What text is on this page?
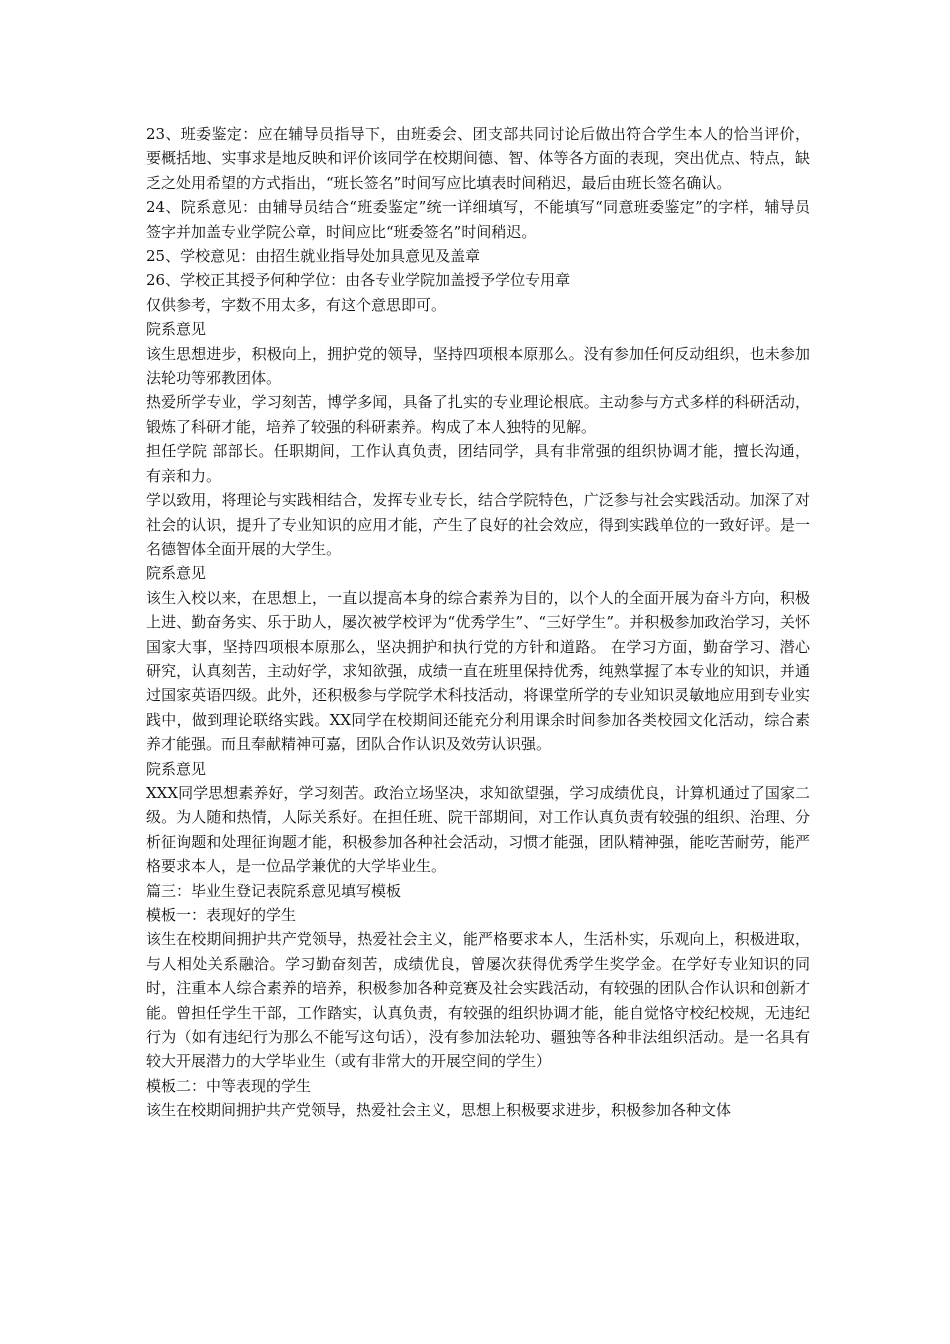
23、班委鉴定：应在辅导员指导下，由班委会、团支部共同讨论后做出符合学生本人的恰当评价，要概括地、实事求是地反映和评价该同学在校期间德、智、体等各方面的表现，突出优点、特点，缺乏之处用希望的方式指出，“班长签名”时间写应比填表时间稍迟，最后由班长签名确认。

24、院系意见：由辅导员结合“班委鉴定”统一详细填写，不能填写“同意班委鉴定”的字样，辅导员签字并加盖专业学院公章，时间应比“班委签名”时间稍迟。

25、学校意见：由招生就业指导处加具意见及盖章

26、学校正其授予何种学位：由各专业学院加盖授予学位专用章

仅供参考，字数不用太多，有这个意思即可。

院系意见

该生思想进步，积极向上，拥护党的领导，坚持四项根本原那么。没有参加任何反动组织，也未参加法轮功等邪教团体。

热爱所学专业，学习刻苦，博学多闻，具备了扎实的专业理论根底。主动参与方式多样的科研活动，锻炼了科研才能，培养了较强的科研素养。构成了本人独特的见解。

担任学院 部部长。任职期间，工作认真负责，团结同学，具有非常强的组织协调才能，擅长沟通，有亲和力。

学以致用，将理论与实践相结合，发挥专业专长，结合学院特色，广泛参与社会实践活动。加深了对社会的认识，提升了专业知识的应用才能，产生了良好的社会效应，得到实践单位的一致好评。是一名德智体全面开展的大学生。

院系意见

该生入校以来，在思想上，一直以提高本身的综合素养为目的，以个人的全面开展为奋斗方向，积极上进、勤奋务实、乐于助人，屡次被学校评为“优秀学生”、“三好学生”。并积极参加政治学习，关怀国家大事，坚持四项根本原那么，坚决拥护和执行党的方针和道路。 在学习方面，勤奋学习、潜心研究，认真刻苦，主动好学，求知欲强，成绩一直在班里保持优秀，纯熟掌握了本专业的知识，并通过国家英语四级。此外，还积极参与学院学术科技活动，将课堂所学的专业知识灵敏地应用到专业实践中，做到理论联络实践。XX同学在校期间还能充分利用课余时间参加各类校园文化活动，综合素养才能强。而且奉献精神可嘉，团队合作认识及效劳认识强。

院系意见

XXX同学思想素养好，学习刻苦。政治立场坚决，求知欲望强，学习成绩优良，计算机通过了国家二级。为人随和热情，人际关系好。在担任班、院干部期间，对工作认真负责有较强的组织、治理、分析征询题和处理征询题才能，积极参加各种社会活动，习惯才能强，团队精神强，能吃苦耐劳，能严格要求本人，是一位品学兼优的大学毕业生。

篇三：毕业生登记表院系意见填写模板

模板一：表现好的学生

该生在校期间拥护共产党领导，热爱社会主义，能严格要求本人，生活朴实，乐观向上，积极进取，与人相处关系融洽。学习勤奋刻苦，成绩优良，曾屡次获得优秀学生奖学金。在学好专业知识的同时，注重本人综合素养的培养，积极参加各种竞赛及社会实践活动，有较强的团队合作认识和创新才能。曾担任学生干部，工作踏实，认真负责，有较强的组织协调才能，能自觉恪守校纪校规，无违纪行为（如有违纪行为那么不能写这句话），没有参加法轮功、疆独等各种非法组织活动。是一名具有较大开展潜力的大学毕业生（或有非常大的开展空间的学生）

模板二：中等表现的学生

该生在校期间拥护共产党领导，热爱社会主义，思想上积极要求进步，积极参加各种文体
